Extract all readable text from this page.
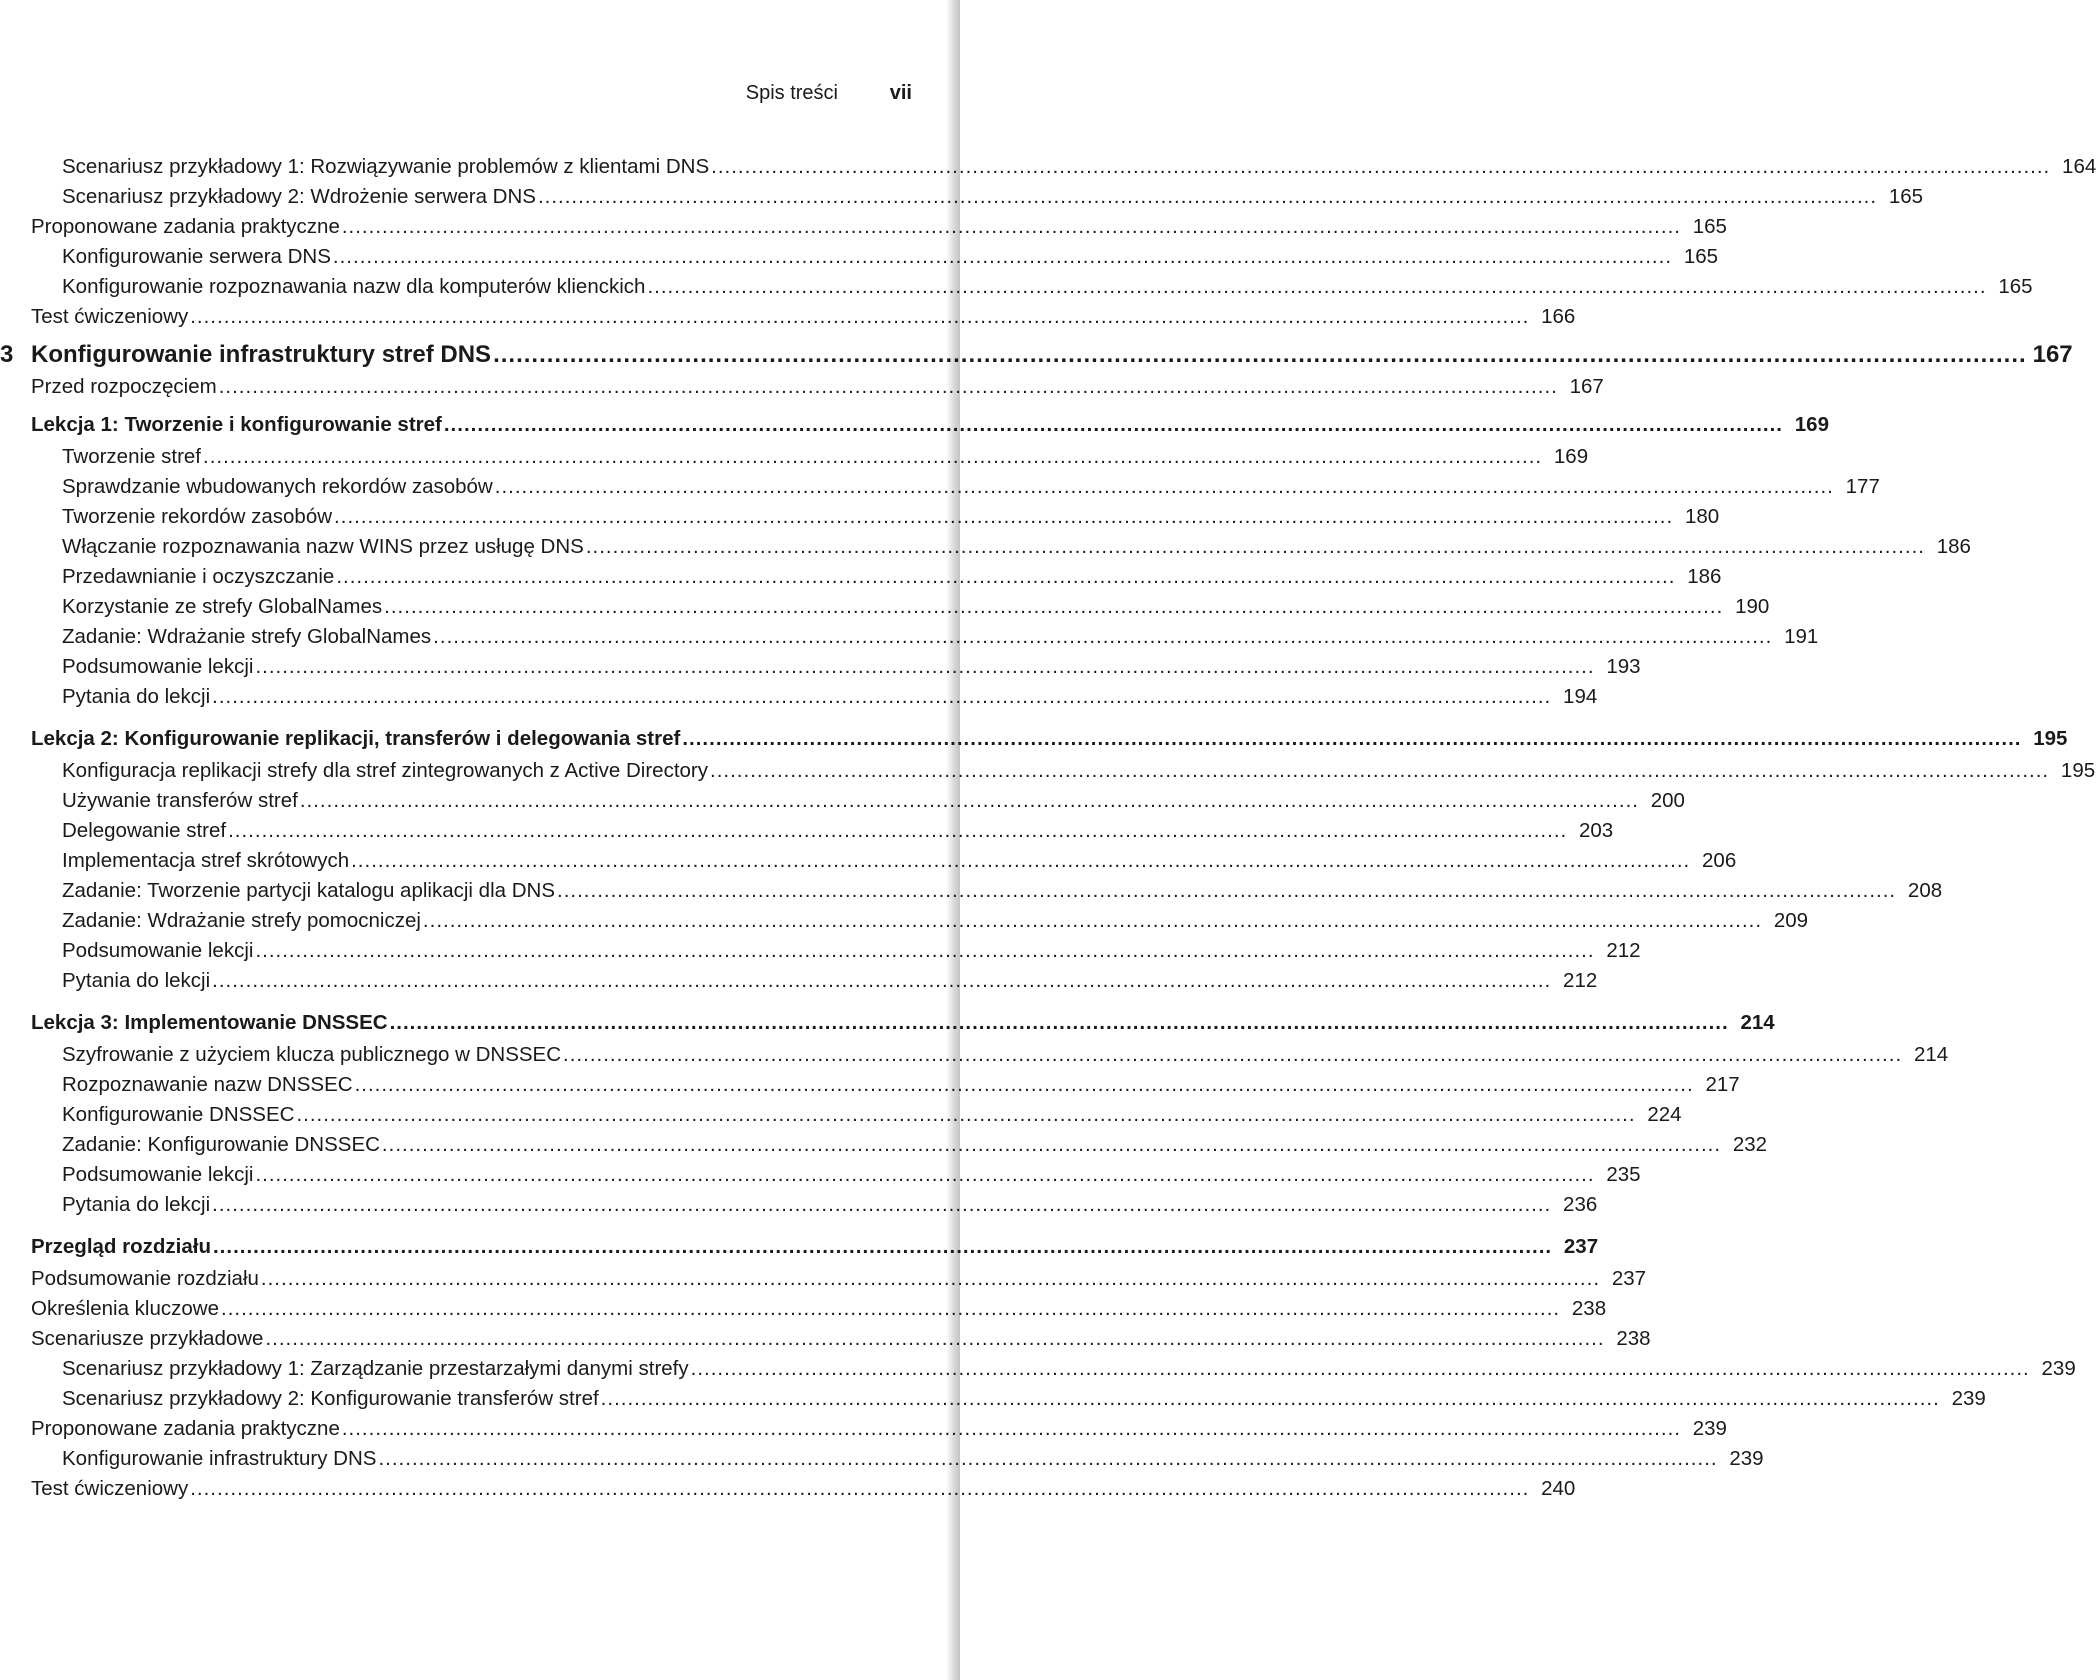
Spis treści	vii
Scenariusz przykładowy 1: Rozwiązywanie problemów z klientami DNS ........................................................................................................................................................................................................ 164
Scenariusz przykładowy 2: Wdrożenie serwera DNS ........................................................................................................................................................................................................ 165
Proponowane zadania praktyczne ........................................................................................................................................................................................................ 165
Konfigurowanie serwera DNS ........................................................................................................................................................................................................ 165
Konfigurowanie rozpoznawania nazw dla komputerów klienckich ........................................................................................................................................................................................................ 165
Test ćwiczeniowy ........................................................................................................................................................................................................ 166
3 Konfigurowanie infrastruktury stref DNS ........................................................................................................................................................................................................ 167
Przed rozpoczęciem ........................................................................................................................................................................................................ 167
Lekcja 1: Tworzenie i konfigurowanie stref ........................................................................................................................................................................................................ 169
Tworzenie stref ........................................................................................................................................................................................................ 169
Sprawdzanie wbudowanych rekordów zasobów ........................................................................................................................................................................................................ 177
Tworzenie rekordów zasobów ........................................................................................................................................................................................................ 180
Włączanie rozpoznawania nazw WINS przez usługę DNS ........................................................................................................................................................................................................ 186
Przedawnianie i oczyszczanie ........................................................................................................................................................................................................ 186
Korzystanie ze strefy GlobalNames ........................................................................................................................................................................................................ 190
Zadanie: Wdrażanie strefy GlobalNames ........................................................................................................................................................................................................ 191
Podsumowanie lekcji ........................................................................................................................................................................................................ 193
Pytania do lekcji ........................................................................................................................................................................................................ 194
Lekcja 2: Konfigurowanie replikacji, transferów i delegowania stref ........................................................................................................................................................................................................ 195
Konfiguracja replikacji strefy dla stref zintegrowanych z Active Directory ........................................................................................................................................................................................................ 195
Używanie transferów stref ........................................................................................................................................................................................................ 200
Delegowanie stref ........................................................................................................................................................................................................ 203
Implementacja stref skrótowych ........................................................................................................................................................................................................ 206
Zadanie: Tworzenie partycji katalogu aplikacji dla DNS ........................................................................................................................................................................................................ 208
Zadanie: Wdrażanie strefy pomocniczej ........................................................................................................................................................................................................ 209
Podsumowanie lekcji ........................................................................................................................................................................................................ 212
Pytania do lekcji ........................................................................................................................................................................................................ 212
Lekcja 3: Implementowanie DNSSEC ........................................................................................................................................................................................................ 214
Szyfrowanie z użyciem klucza publicznego w DNSSEC ........................................................................................................................................................................................................ 214
Rozpoznawanie nazw DNSSEC ........................................................................................................................................................................................................ 217
Konfigurowanie DNSSEC ........................................................................................................................................................................................................ 224
Zadanie: Konfigurowanie DNSSEC ........................................................................................................................................................................................................ 232
Podsumowanie lekcji ........................................................................................................................................................................................................ 235
Pytania do lekcji ........................................................................................................................................................................................................ 236
Przegląd rozdziału ........................................................................................................................................................................................................ 237
Podsumowanie rozdziału ........................................................................................................................................................................................................ 237
Określenia kluczowe ........................................................................................................................................................................................................ 238
Scenariusze przykładowe ........................................................................................................................................................................................................ 238
Scenariusz przykładowy 1: Zarządzanie przestarzałymi danymi strefy ........................................................................................................................................................................................................ 239
Scenariusz przykładowy 2: Konfigurowanie transferów stref ........................................................................................................................................................................................................ 239
Proponowane zadania praktyczne ........................................................................................................................................................................................................ 239
Konfigurowanie infrastruktury DNS ........................................................................................................................................................................................................ 239
Test ćwiczeniowy ........................................................................................................................................................................................................ 240
